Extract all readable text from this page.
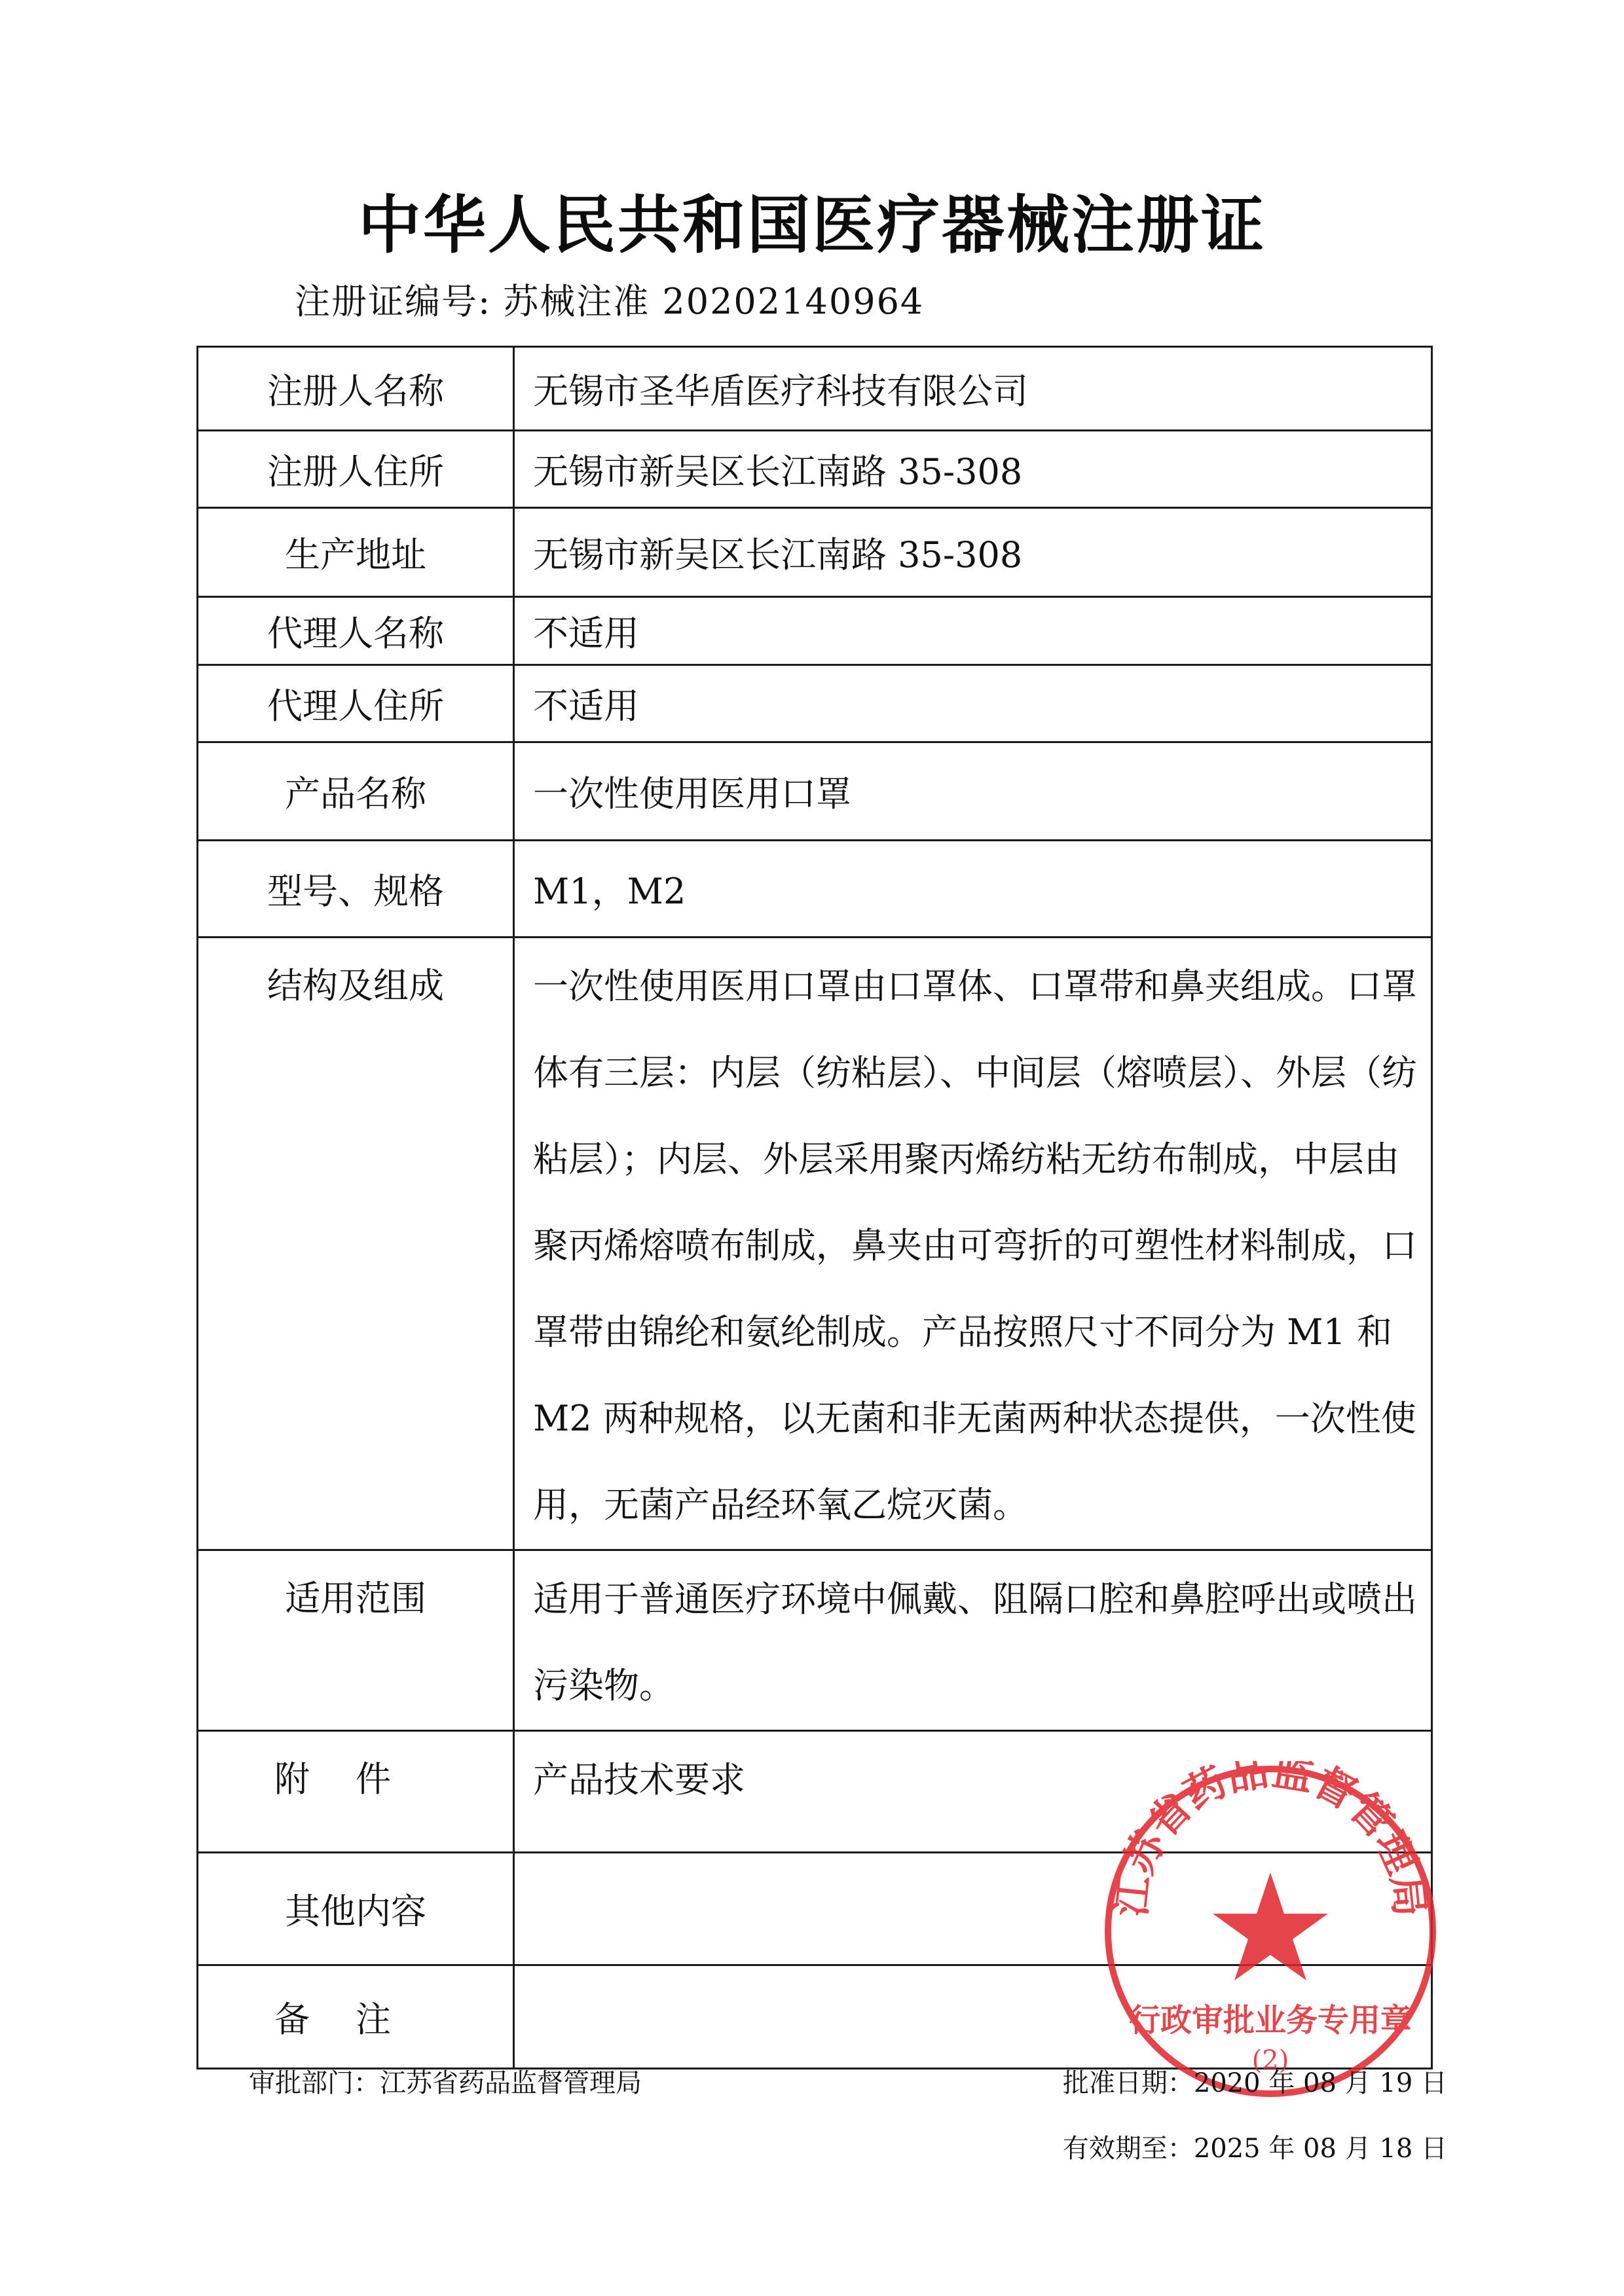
中华人民共和国医疗器械注册证
注册证编号: 苏械注准 20202140964
注册人名称	无锡市圣华盾医疗科技有限公司
注册人住所	无锡市新吴区长江南路 35-308
生产地址	无锡市新吴区长江南路 35-308
代理人名称	不适用
代理人住所	不适用
产品名称	一次性使用医用口罩
型号、规格	M1，M2
结构及组成	一次性使用医用口罩由口罩体、口罩带和鼻夹组成。口罩体有三层：内层（纺粘层）、中间层（熔喷层）、外层（纺粘层）；内层、外层采用聚丙烯纺粘无纺布制成，中层由聚丙烯熔喷布制成，鼻夹由可弯折的可塑性材料制成，口罩带由锦纶和氨纶制成。产品按照尺寸不同分为 M1 和 M2 两种规格，以无菌和非无菌两种状态提供，一次性使用，无菌产品经环氧乙烷灭菌。
适用范围	适用于普通医疗环境中佩戴、阻隔口腔和鼻腔呼出或喷出污染物。
附件	产品技术要求
其他内容	
备注	
江苏省药品监督管理局
行政审批业务专用章
(2)
审批部门：江苏省药品监督管理局	批准日期：2020 年 08 月 19 日
有效期至：2025 年 08 月 18 日
